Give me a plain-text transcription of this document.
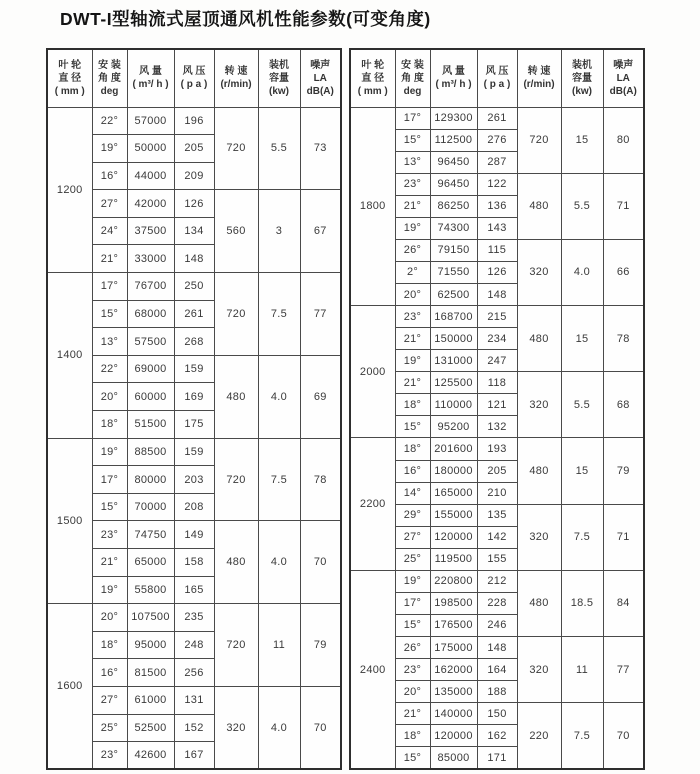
DWT-I型轴流式屋顶通风机性能参数(可变角度)
叶 轮
直 径
( mm )	安 装
角 度
deg	风 量
( m³/ h )	风 压
( p a )	转 速
(r/min)	装机
容量
(kw)	噪声
LA
dB(A)

1200	22°	57000	196	720	5.5	73
	19°	50000	205			
	16°	44000	209			
	27°	42000	126	560	3	67
	24°	37500	134			
	21°	33000	148			
1400	17°	76700	250	720	7.5	77
	15°	68000	261			
	13°	57500	268			
	22°	69000	159	480	4.0	69
	20°	60000	169			
	18°	51500	175			
1500	19°	88500	159	720	7.5	78
	17°	80000	203			
	15°	70000	208			
	23°	74750	149	480	4.0	70
	21°	65000	158			
	19°	55800	165			
1600	20°	107500	235	720	11	79
	18°	95000	248			
	16°	81500	256			
	27°	61000	131	320	4.0	70
	25°	52500	152			
	23°	42600	167			
叶 轮
直 径
( mm )	安 装
角 度
deg	风 量
( m³/ h )	风 压
( p a )	转 速
(r/min)	装机
容量
(kw)	噪声
LA
dB(A)

1800	17°	129300	261	720	15	80
	15°	112500	276			
	13°	96450	287			
	23°	96450	122	480	5.5	71
	21°	86250	136			
	19°	74300	143			
	26°	79150	115	320	4.0	66
	2°	71550	126			
	20°	62500	148			
2000	23°	168700	215	480	15	78
	21°	150000	234			
	19°	131000	247			
	21°	125500	118	320	5.5	68
	18°	110000	121			
	15°	95200	132			
2200	18°	201600	193	480	15	79
	16°	180000	205			
	14°	165000	210			
	29°	155000	135	320	7.5	71
	27°	120000	142			
	25°	119500	155			
2400	19°	220800	212	480	18.5	84
	17°	198500	228			
	15°	176500	246			
	26°	175000	148	320	11	77
	23°	162000	164			
	20°	135000	188			
	21°	140000	150	220	7.5	70
	18°	120000	162			
	15°	85000	171			
